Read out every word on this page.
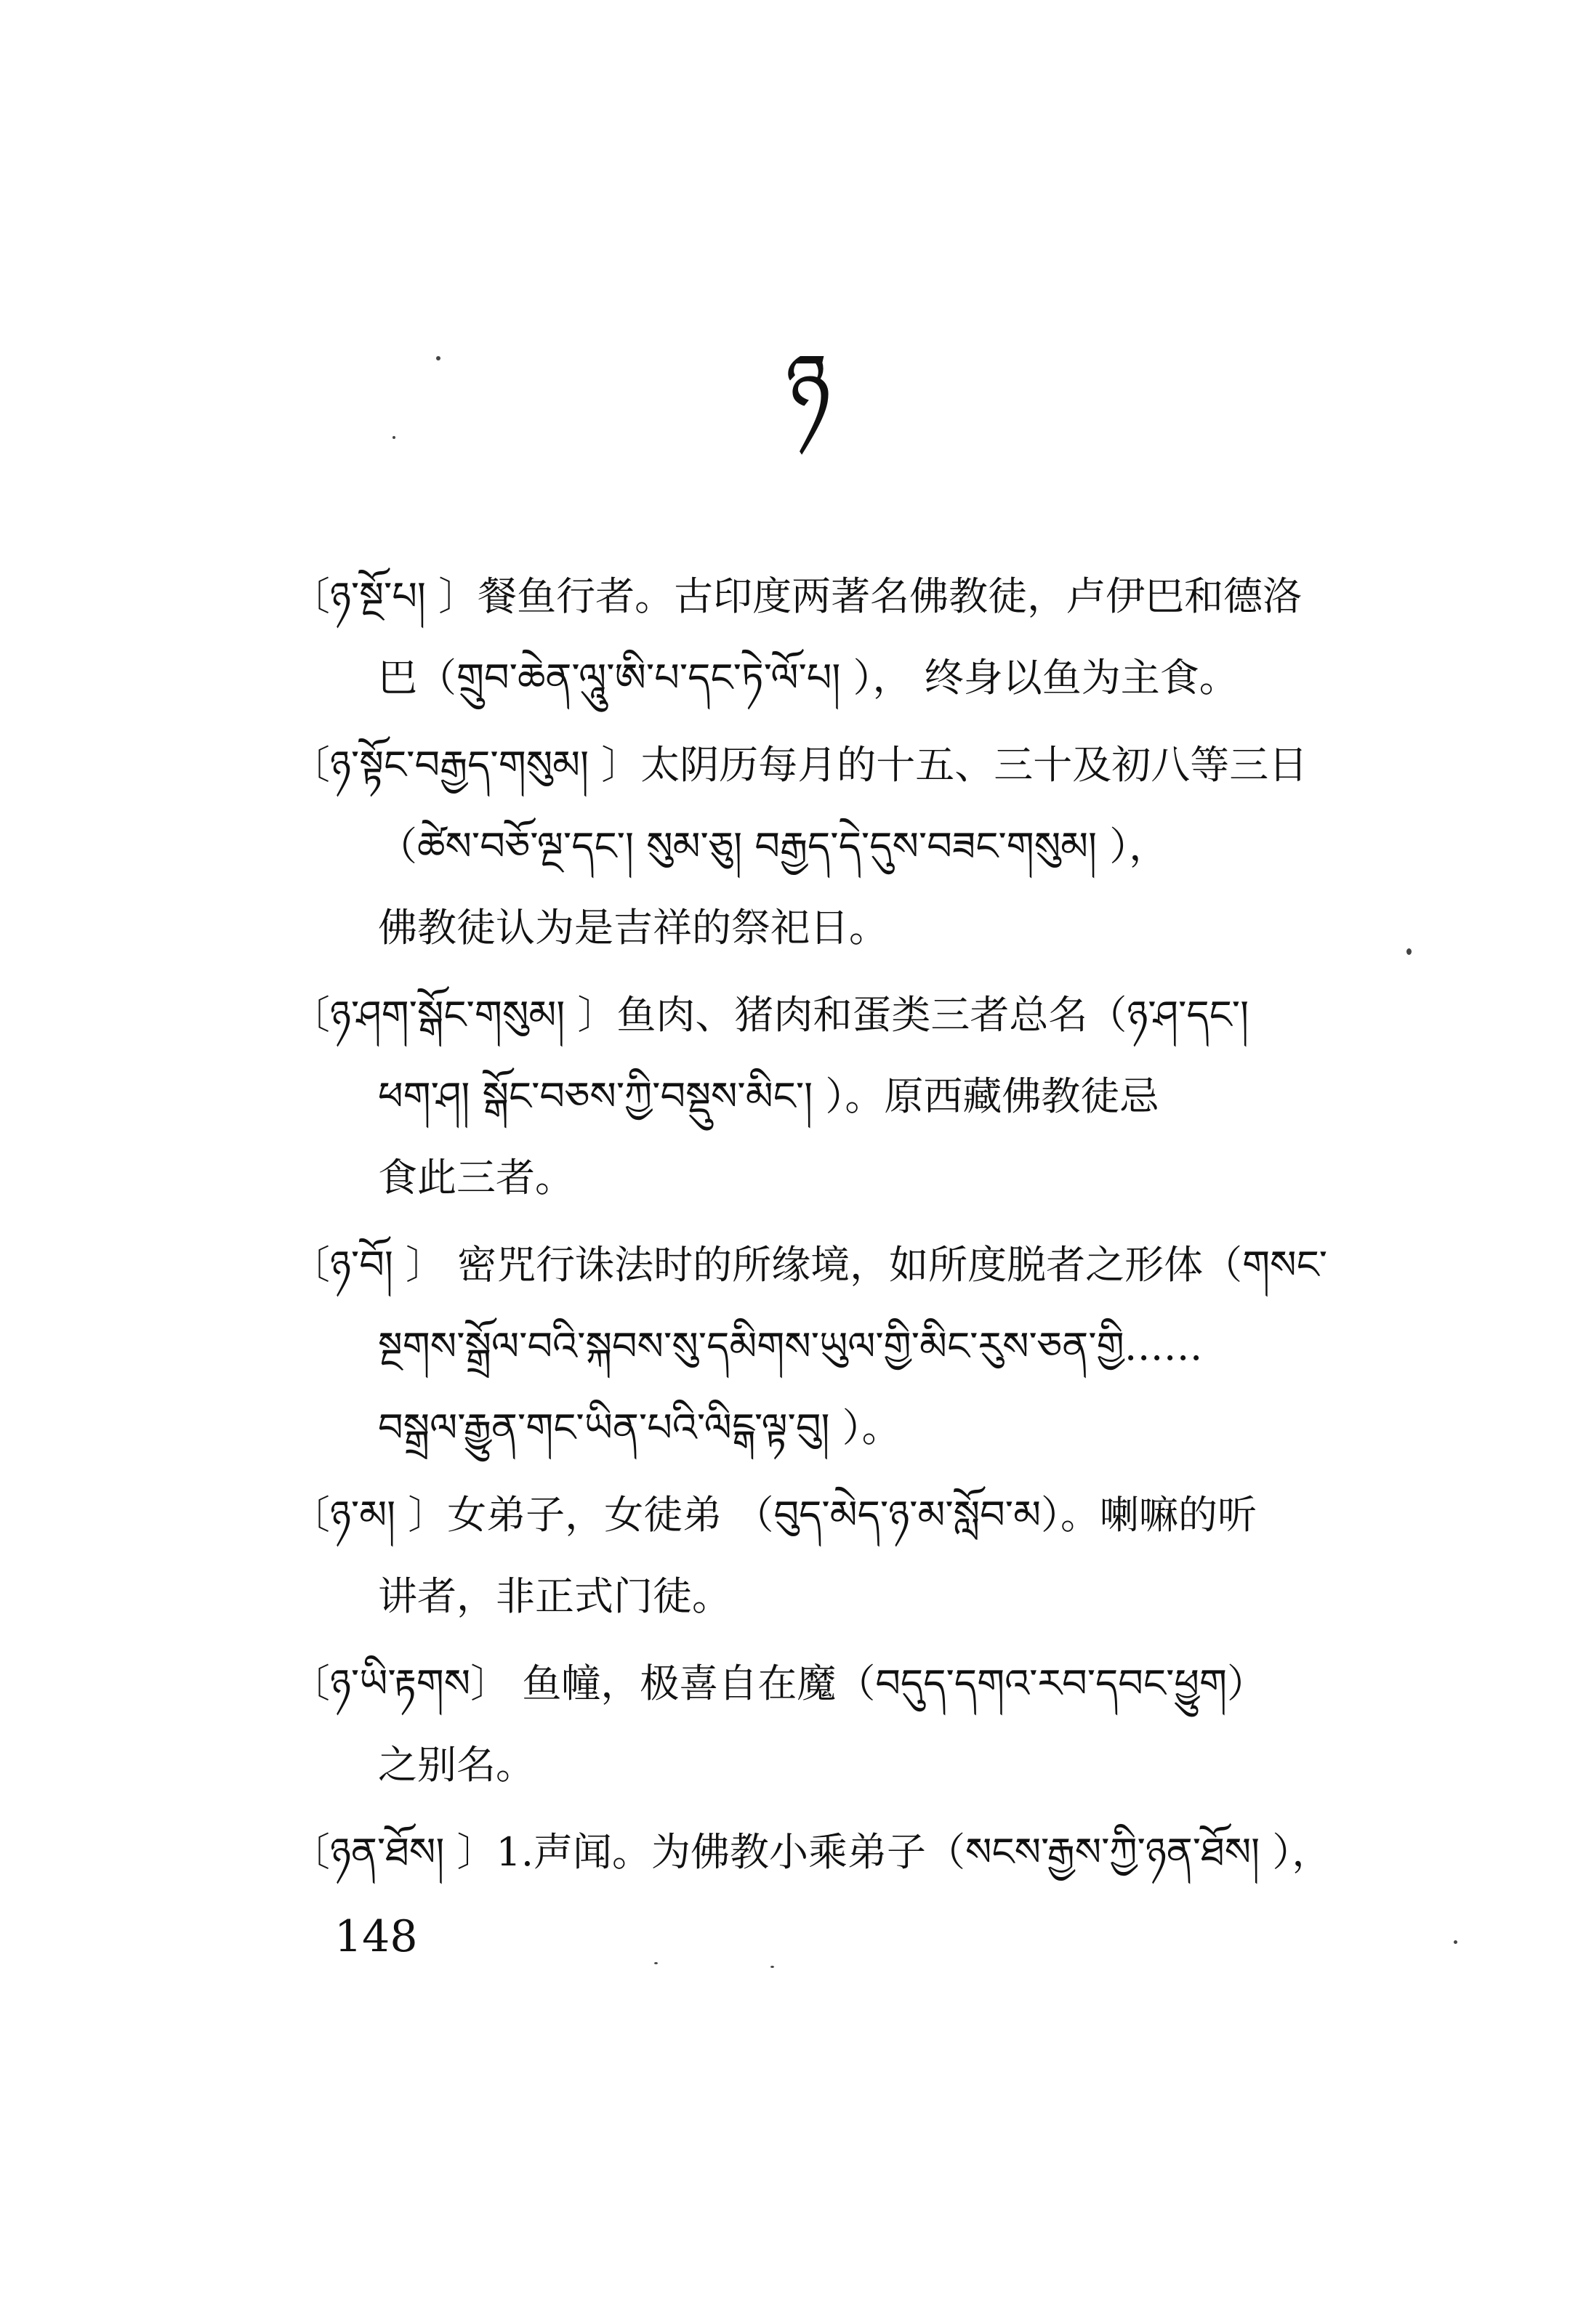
ཉ
〔ཉ་སྔོ་པ། 〕餐鱼行者。古印度两著名佛教徒，卢伊巴和德洛
巴（གྲུབ་ཆེན་ལཱུ་ཨི་པ་དང་ཏེ་ལོ་པ། ）， 终身以鱼为主食。
〔ཉ་སྟོང་བརྒྱད་གསུམ། 〕太阴历每月的十五、三十及初八等三日
（ཚེས་བཅོ་ལྔ་དང་། སུམ་ཅུ། བརྒྱད་དེ་དུས་བཟང་གསུམ། ），
佛教徒认为是吉祥的祭祀日。
〔ཉ་ཤག་སྒོང་གསུམ། 〕鱼肉、猪肉和蛋类三者总名（ཉ་ཤ་དང་།
ཕག་ཤ། སྒོང་བཅས་ཀྱི་བསྡུས་མིང་། ）。原西藏佛教徒忌
食此三者。
〔ཉ་བོ། 〕 密咒行诛法时的所缘境，如所度脱者之形体（གསང་
སྔགས་སྒྲོལ་བའི་སྐབས་སུ་དམིགས་ཡུལ་གྱི་མིང་རུས་ཅན་གྱི……
བསྒྲལ་རྒྱུན་གང་ཡིན་པའི་ལིངྒ་ལྟ་བུ། ）。
〔ཉ་མ། 〕女弟子，女徒弟 （བུད་མེད་ཉ་མ་སློབ་མ）。喇嘛的听
讲者，非正式门徒。
〔ཉ་ཡི་རྟགས〕 鱼幢，极喜自在魔（བདུད་དགའ་རབ་དབང་ཕྱུག）
之别名。
〔ཉན་ཐོས། 〕1.声闻。为佛教小乘弟子（སངས་རྒྱས་ཀྱི་ཉན་ཐོས། ），
148
